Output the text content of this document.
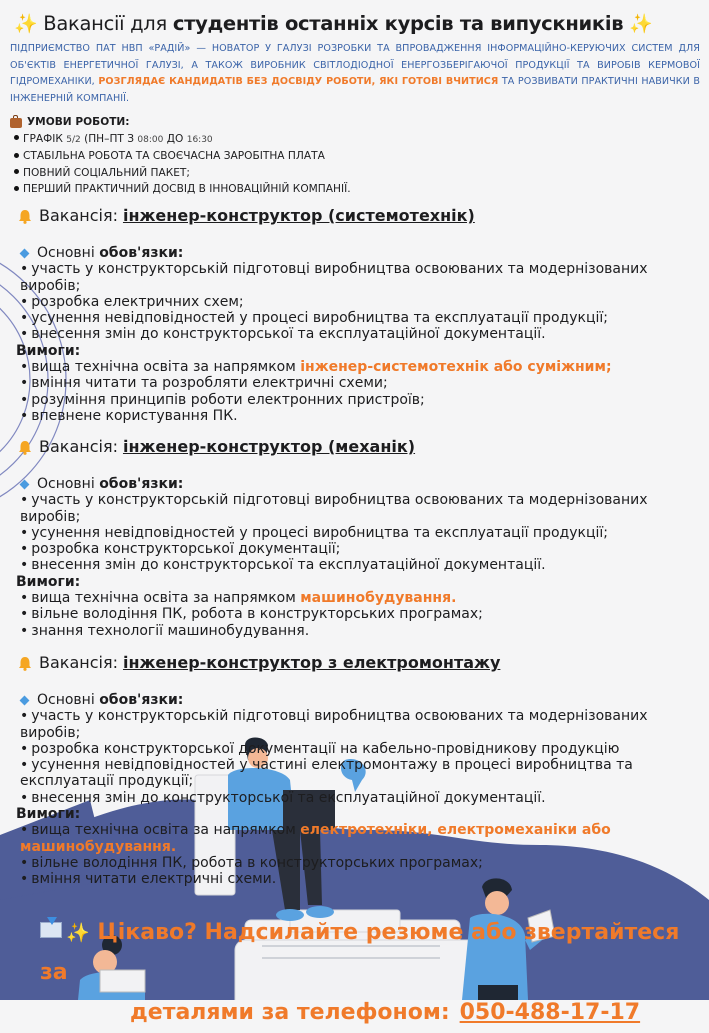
✨ Вакансії для студентів останніх курсів та випускників ✨
ПІДПРИЄМСТВО ПАТ НВП «РАДІЙ» — НОВАТОР У ГАЛУЗІ РОЗРОБКИ ТА ВПРОВАДЖЕННЯ ІНФОРМАЦІЙНО-КЕРУЮЧИХ СИСТЕМ ДЛЯ ОБ'ЄКТІВ ЕНЕРГЕТИЧНОЇ ГАЛУЗІ, А ТАКОЖ ВИРОБНИК СВІТЛОДІОДНОЇ ЕНЕРГОЗБЕРІГАЮЧОЇ ПРОДУКЦІЇ ТА ВИРОБІВ КЕРМОВОЇ ГІДРОМЕХАНІКИ, РОЗГЛЯДАЄ КАНДИДАТІВ БЕЗ ДОСВІДУ РОБОТИ, ЯКІ ГОТОВІ ВЧИТИСЯ ТА РОЗВИВАТИ ПРАКТИЧНІ НАВИЧКИ В ІНЖЕНЕРНІЙ КОМПАНІЇ.
УМОВИ РОБОТИ:
ГРАФІК 5/2 (ПН–ПТ З 08:00 ДО 16:30
СТАБІЛЬНА РОБОТА ТА СВОЄЧАСНА ЗАРОБІТНА ПЛАТА
ПОВНИЙ СОЦІАЛЬНИЙ ПАКЕТ;
ПЕРШИЙ ПРАКТИЧНИЙ ДОСВІД В ІННОВАЦІЙНІЙ КОМПАНІЇ.
Вакансія: інженер-конструктор (системотехнік)
Основні
обов'язки:
• участь у конструкторській підготовці виробництва освоюваних та модернізованих виробів;
• розробка електричних схем;
• усунення невідповідностей у процесі виробництва та експлуатації продукції;
• внесення змін до конструкторської та експлуатаційної документації.
Вимоги:
• вища технічна освіта за напрямком інженер-системотехнік або суміжним;
• вміння читати та розробляти електричні схеми;
• розуміння принципів роботи електронних пристроїв;
• впевнене користування ПК.
Вакансія: інженер-конструктор (механік)
Основні
обов'язки:
• участь у конструкторській підготовці виробництва освоюваних та модернізованих виробів;
• усунення невідповідностей у процесі виробництва та експлуатації продукції;
• розробка конструкторської документації;
• внесення змін до конструкторської та експлуатаційної документації.
Вимоги:
• вища технічна освіта за напрямком машинобудування.
• вільне володіння ПК, робота в конструкторських програмах;
• знання технології машинобудування.
Вакансія: інженер-конструктор з електромонтажу
Основні
обов'язки:
• участь у конструкторській підготовці виробництва освоюваних та модернізованих виробів;
• розробка конструкторської документації на кабельно-провідникову продукцію
• усунення невідповідностей у частині електромонтажу в процесі виробництва та експлуатації продукції;
• внесення змін до конструкторської та експлуатаційної документації.
Вимоги:
• вища технічна освіта за напрямком електротехніки, електромеханіки або машинобудування.
• вільне володіння ПК, робота в конструкторських програмах;
• вміння читати електричні схеми.
✨ Цікаво? Надсилайте резюме або звертайтеся за
деталями за телефоном: 050-488-17-17
